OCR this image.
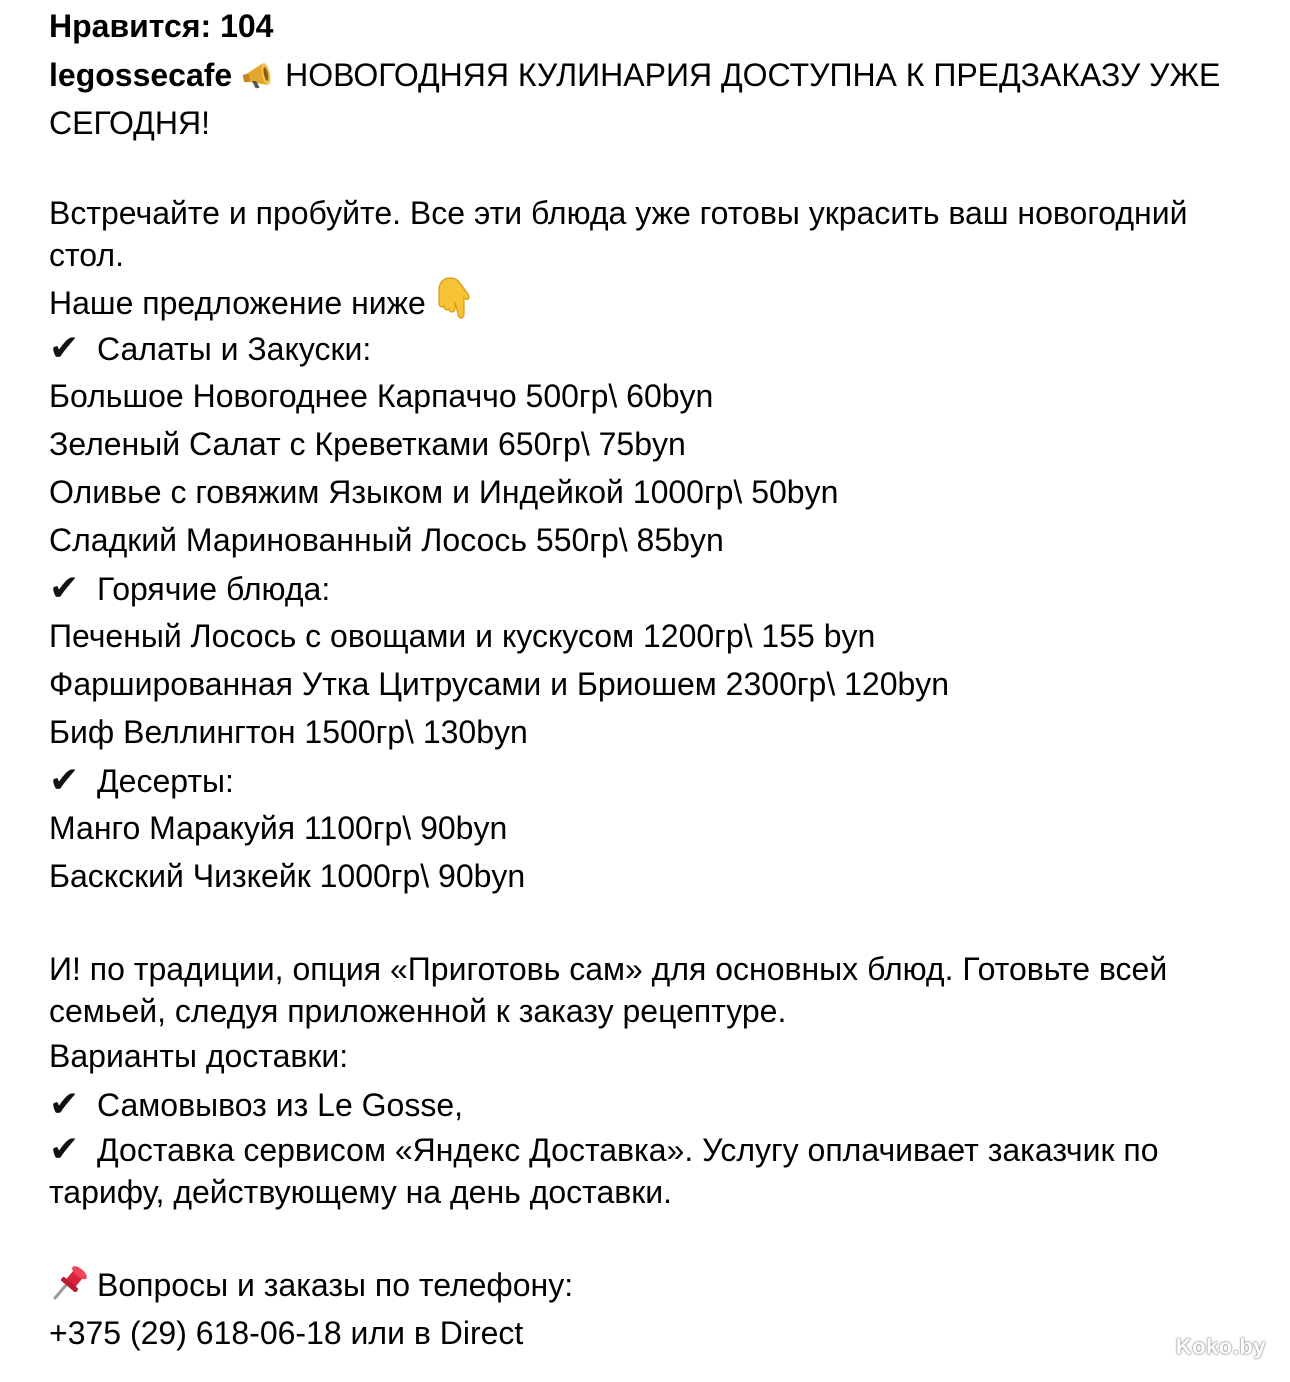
Нравится: 104
legossecafe НОВОГОДНЯЯ КУЛИНАРИЯ ДОСТУПНА К ПРЕДЗАКАЗУ УЖЕ СЕГОДНЯ!
Встречайте и пробуйте. Все эти блюда уже готовы украсить ваш новогодний стол.
Наше предложение ниже
✔ Салаты и Закуски:
Большое Новогоднее Карпаччо 500гр\ 60byn
Зеленый Салат с Креветками 650гр\ 75byn
Оливье с говяжим Языком и Индейкой 1000гр\ 50byn
Сладкий Маринованный Лосось 550гр\ 85byn
✔ Горячие блюда:
Печеный Лосось с овощами и кускусом 1200гр\ 155 byn
Фаршированная Утка Цитрусами и Бриошем 2300гр\ 120byn
Биф Веллингтон 1500гр\ 130byn
✔ Десерты:
Манго Маракуйя 1100гр\ 90byn
Баскский Чизкейк 1000гр\ 90byn
И! по традиции, опция «Приготовь сам» для основных блюд. Готовьте всей семьей, следуя приложенной к заказу рецептуре.
Варианты доставки:
✔ Самовывоз из Le Gosse,
✔ Доставка сервисом «Яндекс Доставка». Услугу оплачивает заказчик по тарифу, действующему на день доставки.
Вопросы и заказы по телефону:
+375 (29) 618-06-18 или в Direct	Koko.by
